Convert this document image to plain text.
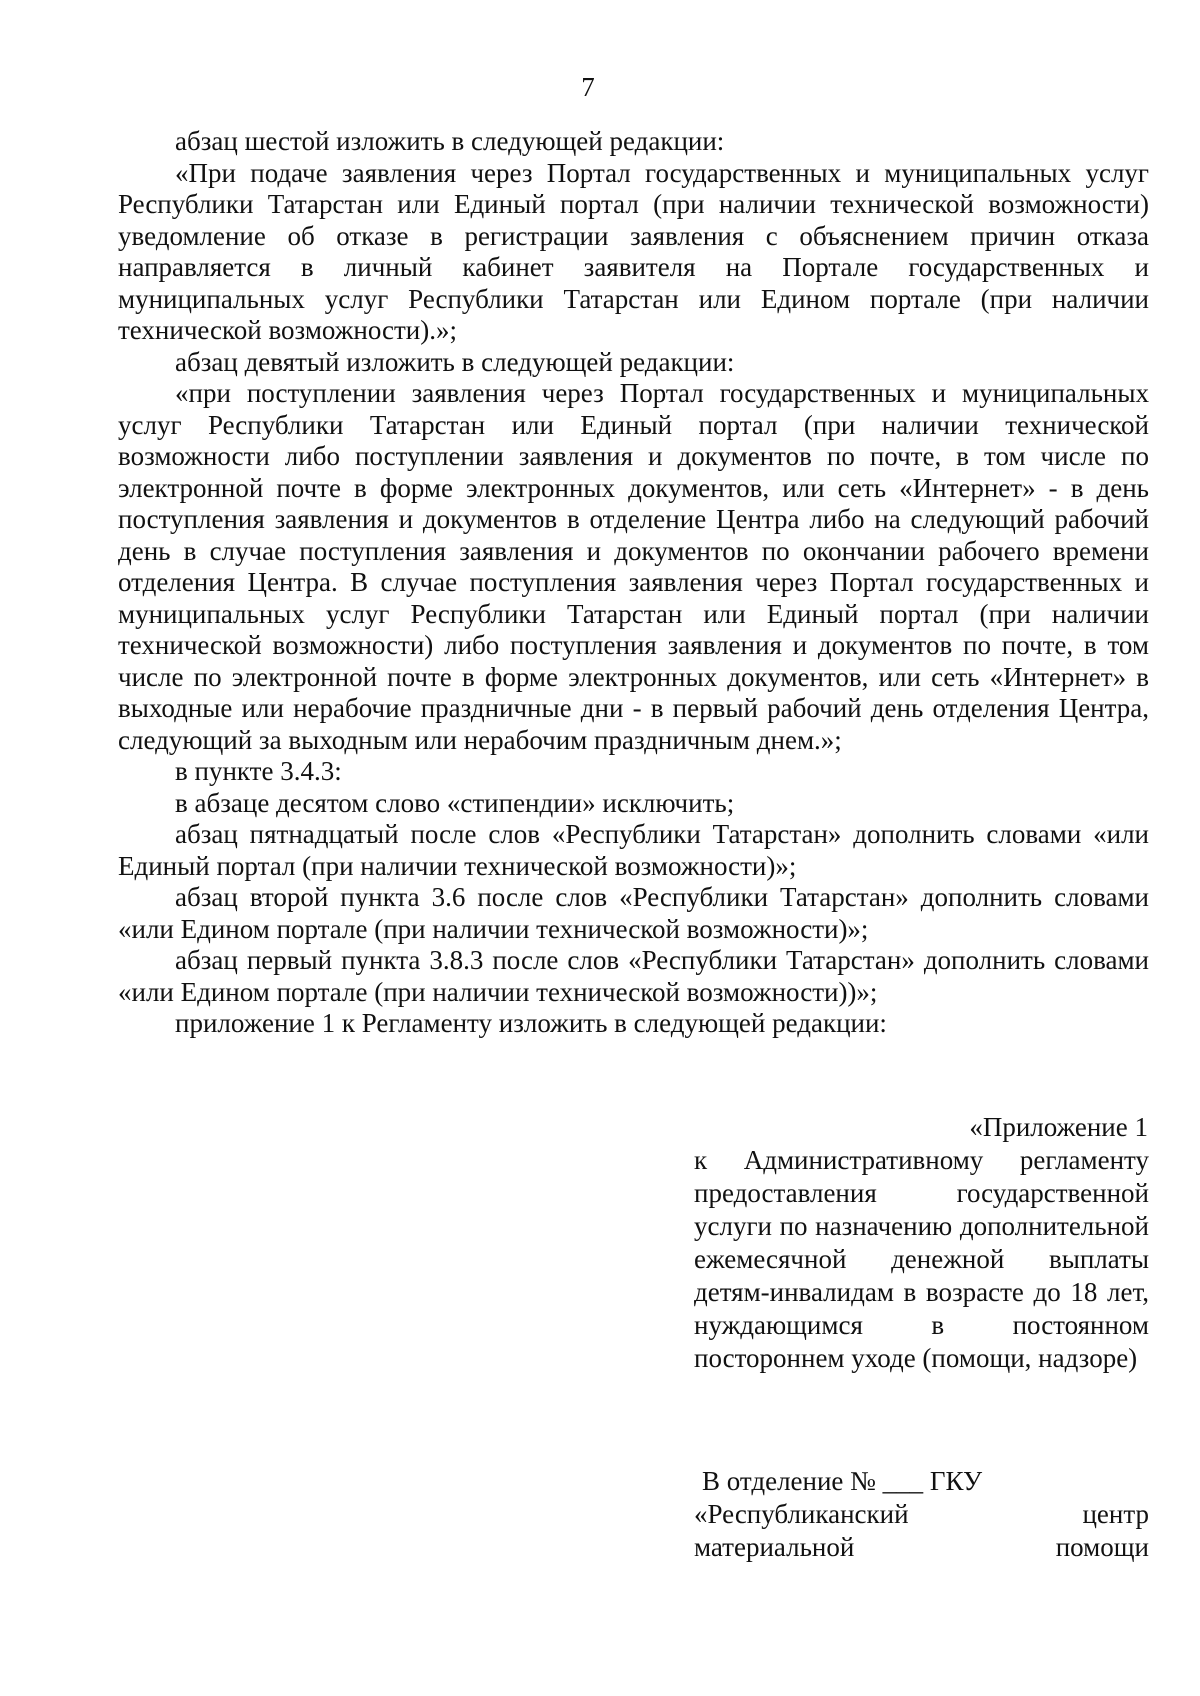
7

абзац шестой изложить в следующей редакции:

«При подаче заявления через Портал государственных и муниципальных услуг Республики Татарстан или Единый портал (при наличии технической возможности) уведомление об отказе в регистрации заявления с объяснением причин отказа направляется в личный кабинет заявителя на Портале государственных и муниципальных услуг Республики Татарстан или Едином портале (при наличии технической возможности).»;

абзац девятый изложить в следующей редакции:

«при поступлении заявления через Портал государственных и муниципальных услуг Республики Татарстан или Единый портал (при наличии технической возможности либо поступлении заявления и документов по почте, в том числе по электронной почте в форме электронных документов, или сеть «Интернет» - в день поступления заявления и документов в отделение Центра либо на следующий рабочий день в случае поступления заявления и документов по окончании рабочего времени отделения Центра. В случае поступления заявления через Портал государственных и муниципальных услуг Республики Татарстан или Единый портал (при наличии технической возможности) либо поступления заявления и документов по почте, в том числе по электронной почте в форме электронных документов, или сеть «Интернет» в выходные или нерабочие праздничные дни - в первый рабочий день отделения Центра, следующий за выходным или нерабочим праздничным днем.»;

в пункте 3.4.3:

в абзаце десятом слово «стипендии» исключить;

абзац пятнадцатый после слов «Республики Татарстан» дополнить словами «или Единый портал (при наличии технической возможности)»;

абзац второй пункта 3.6 после слов «Республики Татарстан» дополнить словами «или Едином портале (при наличии технической возможности)»;

абзац первый пункта 3.8.3 после слов «Республики Татарстан» дополнить словами «или Едином портале (при наличии технической возможности))»;

приложение 1 к Регламенту изложить в следующей редакции:

«Приложение 1

к Административному регламенту предоставления государственной услуги по назначению дополнительной ежемесячной денежной выплаты детям-инвалидам в возрасте до 18 лет, нуждающимся в постоянном постороннем уходе (помощи, надзоре)

В отделение № ___ ГКУ
«Республиканский	центр
материальной	помощи
